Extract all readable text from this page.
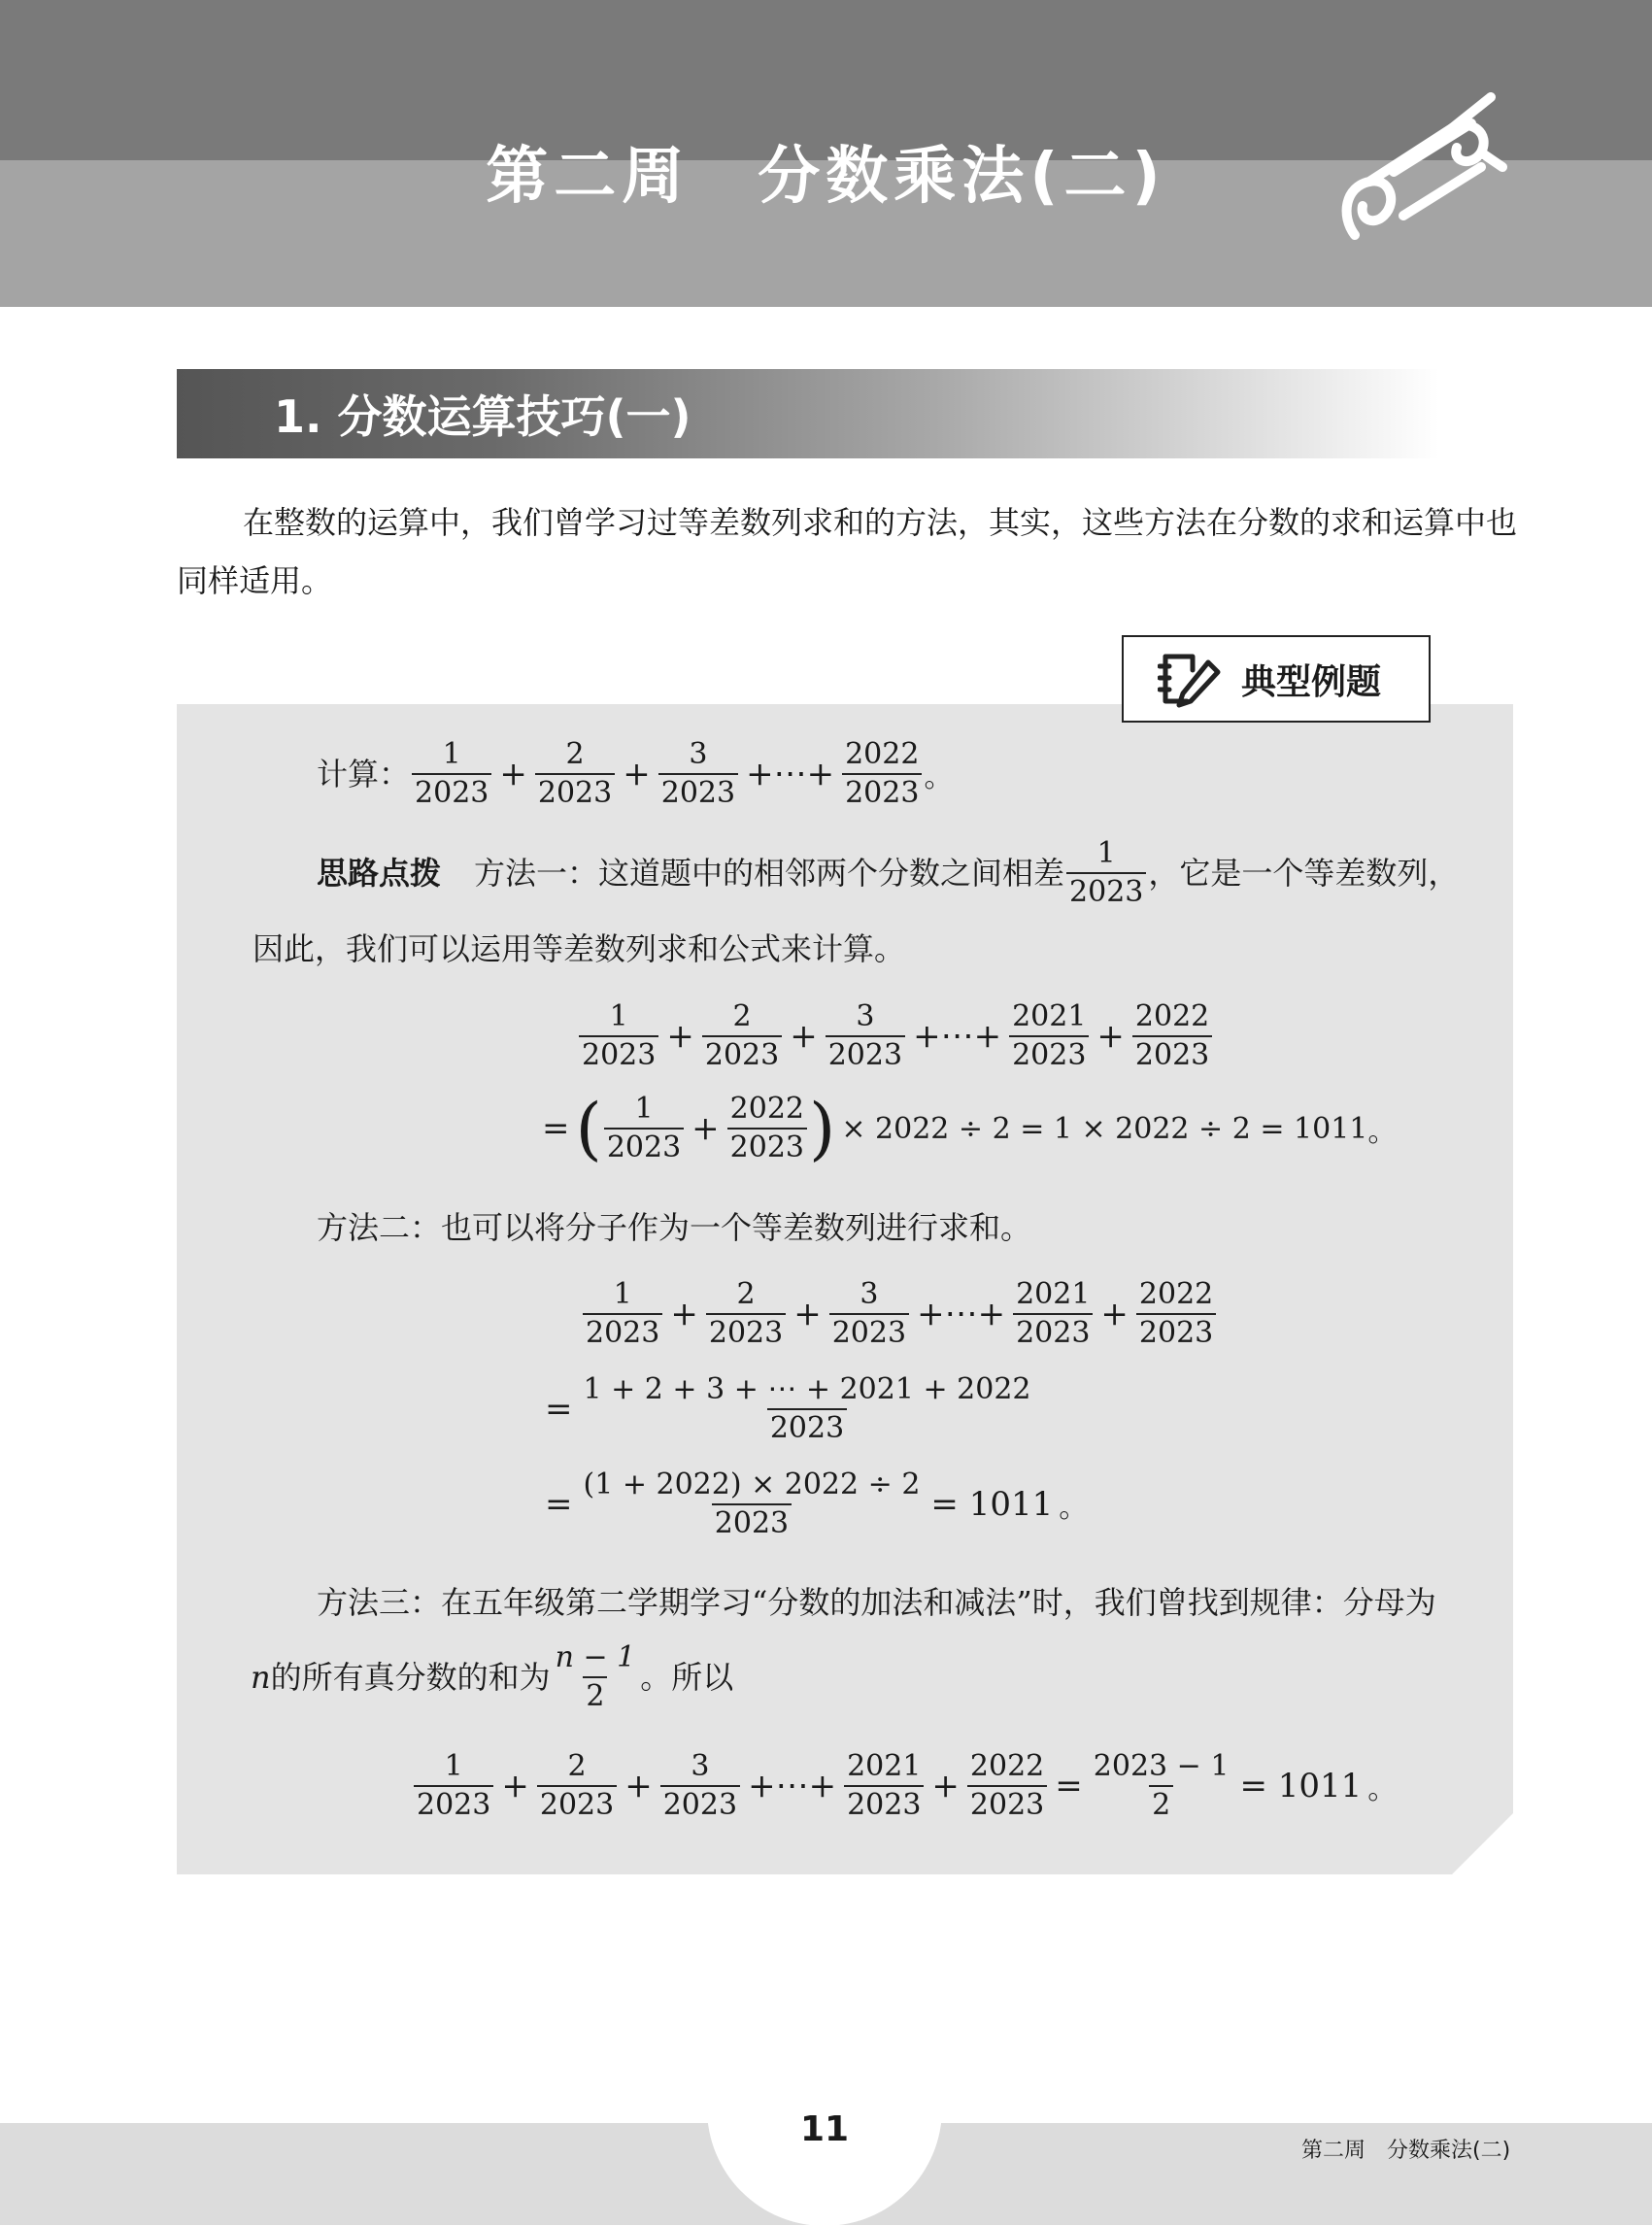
第二周　分数乘法(二)
1. 分数运算技巧(一)
在整数的运算中，我们曾学习过等差数列求和的方法，其实，这些方法在分数的求和运算中也同样适用。
典型例题
计算： $\frac{1}{2023} + \frac{2}{2023} + \frac{3}{2023}$ +⋯+ $\frac{2022}{2023}$ 。
思路点拨 方法一：这道题中的相邻两个分数之间相差 $\frac{1}{2023}$ ，它是一个等差数列，
因此，我们可以运用等差数列求和公式来计算。
$\frac{1}{2023} + \frac{2}{2023} + \frac{3}{2023}$ +⋯+ $\frac{2021}{2023} + \frac{2022}{2023}$
= ( $\frac{1}{2023} + \frac{2022}{2023}$ ) × 2022 ÷ 2 = 1 × 2022 ÷ 2 = 1011 。
方法二：也可以将分子作为一个等差数列进行求和。
$\frac{1}{2023} + \frac{2}{2023} + \frac{3}{2023}$ +⋯+ $\frac{2021}{2023} + \frac{2022}{2023}$
= $\frac{1 + 2 + 3 + \cdots + 2021 + 2022}{2023}$
= $\frac{(1 + 2022) \times 2022 \div 2}{2023} = 1011$ 。
方法三：在五年级第二学期学习“分数的加法和减法”时，我们曾找到规律：分母为
n 的所有真分数的和为 $\frac{n - 1}{2}$ 。所以
$\frac{1}{2023} + \frac{2}{2023} + \frac{3}{2023}$ +⋯+ $\frac{2021}{2023} + \frac{2022}{2023} = \frac{2023 - 1}{2} = 1011$ 。
11
第二周　分数乘法(二)
